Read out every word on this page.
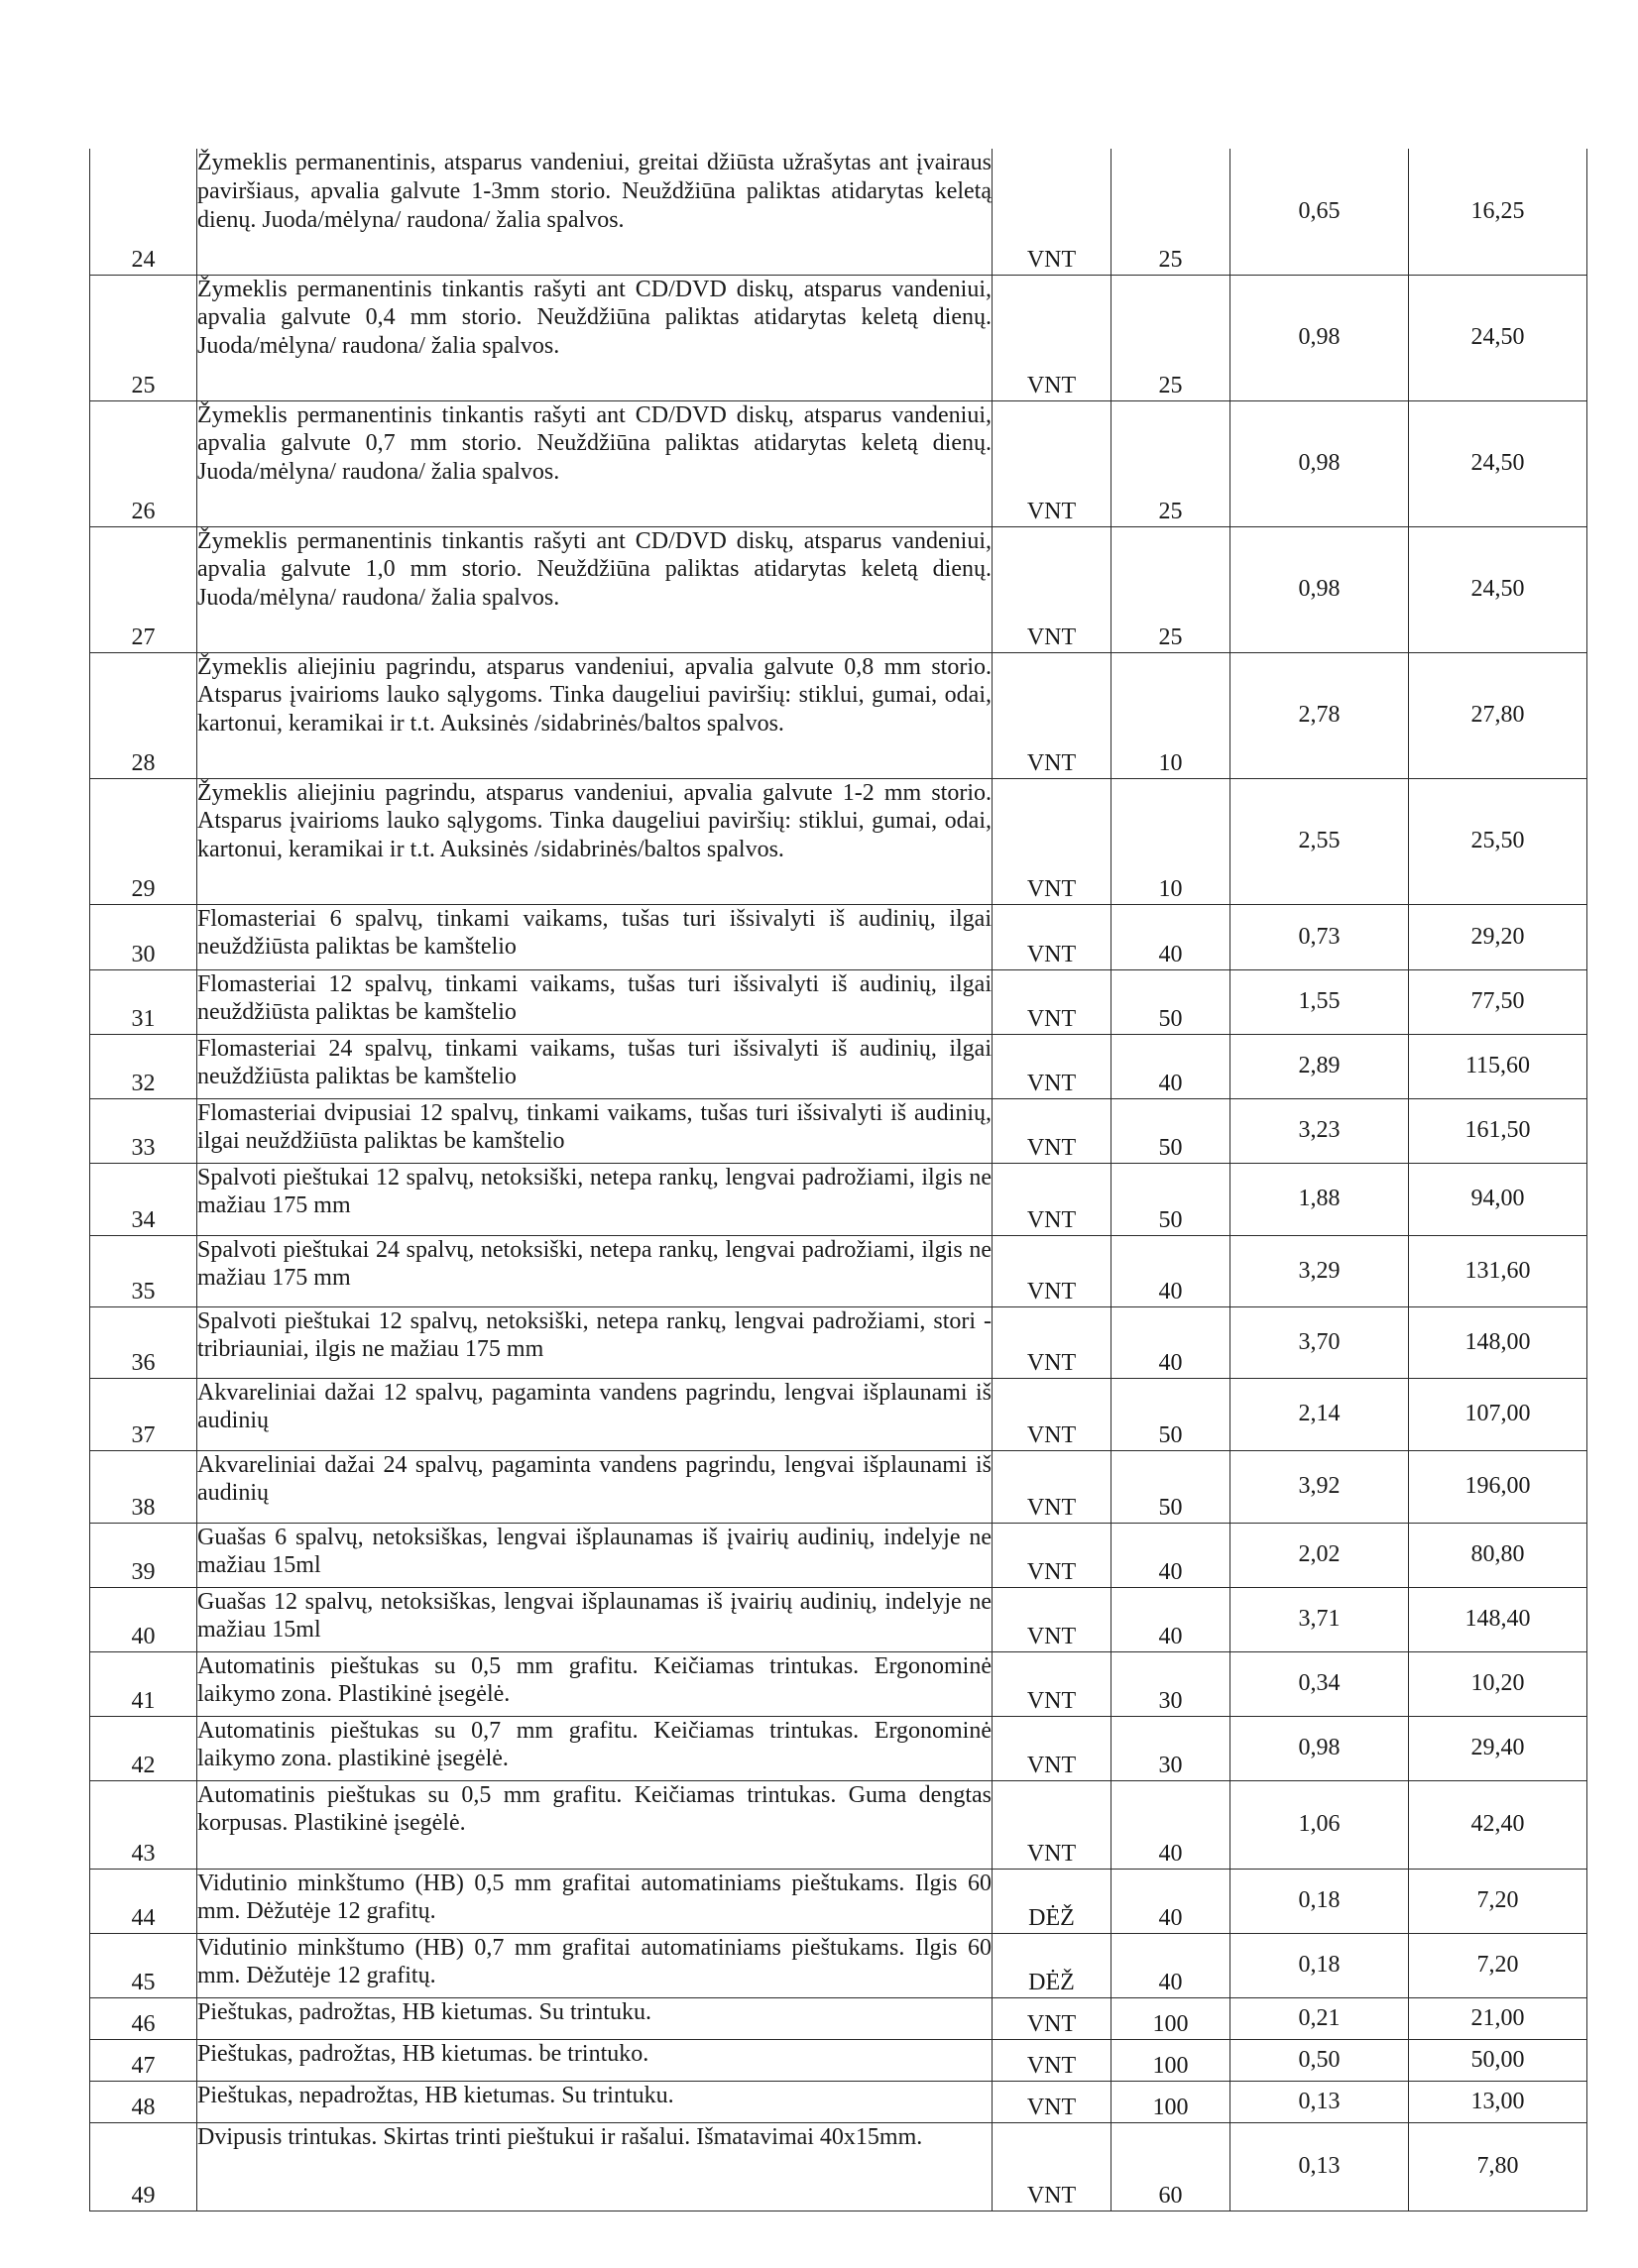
24	Žymeklis permanentinis, atsparus vandeniui, greitai džiūsta užrašytas ant įvairaus paviršiaus, apvalia galvute 1-3mm storio. Neuždžiūna paliktas atidarytas keletą dienų. Juoda/mėlyna/ raudona/ žalia spalvos.	VNT	25	0,65	16,25
25	Žymeklis permanentinis tinkantis rašyti ant CD/DVD diskų, atsparus vandeniui, apvalia galvute 0,4 mm storio. Neuždžiūna paliktas atidarytas keletą dienų. Juoda/mėlyna/ raudona/ žalia spalvos.	VNT	25	0,98	24,50
26	Žymeklis permanentinis tinkantis rašyti ant CD/DVD diskų, atsparus vandeniui, apvalia galvute 0,7 mm storio. Neuždžiūna paliktas atidarytas keletą dienų. Juoda/mėlyna/ raudona/ žalia spalvos.	VNT	25	0,98	24,50
27	Žymeklis permanentinis tinkantis rašyti ant CD/DVD diskų, atsparus vandeniui, apvalia galvute 1,0 mm storio. Neuždžiūna paliktas atidarytas keletą dienų. Juoda/mėlyna/ raudona/ žalia spalvos.	VNT	25	0,98	24,50
28	Žymeklis aliejiniu pagrindu, atsparus vandeniui, apvalia galvute 0,8 mm storio. Atsparus įvairioms lauko sąlygoms. Tinka daugeliui paviršių: stiklui, gumai, odai, kartonui, keramikai ir t.t. Auksinės /sidabrinės/baltos spalvos.	VNT	10	2,78	27,80
29	Žymeklis aliejiniu pagrindu, atsparus vandeniui, apvalia galvute 1-2 mm storio. Atsparus įvairioms lauko sąlygoms. Tinka daugeliui paviršių: stiklui, gumai, odai, kartonui, keramikai ir t.t. Auksinės /sidabrinės/baltos spalvos.	VNT	10	2,55	25,50
30	Flomasteriai 6 spalvų, tinkami vaikams, tušas turi išsivalyti iš audinių, ilgai neuždžiūsta paliktas be kamštelio	VNT	40	0,73	29,20
31	Flomasteriai 12 spalvų, tinkami vaikams, tušas turi išsivalyti iš audinių, ilgai neuždžiūsta paliktas be kamštelio	VNT	50	1,55	77,50
32	Flomasteriai 24 spalvų, tinkami vaikams, tušas turi išsivalyti iš audinių, ilgai neuždžiūsta paliktas be kamštelio	VNT	40	2,89	115,60
33	Flomasteriai dvipusiai 12 spalvų, tinkami vaikams, tušas turi išsivalyti iš audinių, ilgai neuždžiūsta paliktas be kamštelio	VNT	50	3,23	161,50
34	Spalvoti pieštukai 12 spalvų, netoksiški, netepa rankų, lengvai padrožiami, ilgis ne mažiau 175 mm	VNT	50	1,88	94,00
35	Spalvoti pieštukai 24 spalvų, netoksiški, netepa rankų, lengvai padrožiami, ilgis ne mažiau 175 mm	VNT	40	3,29	131,60
36	Spalvoti pieštukai 12 spalvų, netoksiški, netepa rankų, lengvai padrožiami, stori - tribriauniai, ilgis ne mažiau 175 mm	VNT	40	3,70	148,00
37	Akvareliniai dažai 12 spalvų, pagaminta vandens pagrindu, lengvai išplaunami iš audinių	VNT	50	2,14	107,00
38	Akvareliniai dažai 24 spalvų, pagaminta vandens pagrindu, lengvai išplaunami iš audinių	VNT	50	3,92	196,00
39	Guašas 6 spalvų, netoksiškas, lengvai išplaunamas iš įvairių audinių, indelyje ne mažiau 15ml	VNT	40	2,02	80,80
40	Guašas 12 spalvų, netoksiškas, lengvai išplaunamas iš įvairių audinių, indelyje ne mažiau 15ml	VNT	40	3,71	148,40
41	Automatinis pieštukas su 0,5 mm grafitu. Keičiamas trintukas. Ergonominė laikymo zona. Plastikinė įsegėlė.	VNT	30	0,34	10,20
42	Automatinis pieštukas su 0,7 mm grafitu. Keičiamas trintukas. Ergonominė laikymo zona. plastikinė įsegėlė.	VNT	30	0,98	29,40
43	Automatinis pieštukas su 0,5 mm grafitu. Keičiamas trintukas. Guma dengtas korpusas. Plastikinė įsegėlė.	VNT	40	1,06	42,40
44	Vidutinio minkštumo (HB) 0,5 mm grafitai automatiniams pieštukams. Ilgis 60 mm. Dėžutėje 12 grafitų.	DĖŽ	40	0,18	7,20
45	Vidutinio minkštumo (HB) 0,7 mm grafitai automatiniams pieštukams. Ilgis 60 mm. Dėžutėje 12 grafitų.	DĖŽ	40	0,18	7,20
46	Pieštukas, padrožtas, HB kietumas. Su trintuku.	VNT	100	0,21	21,00
47	Pieštukas, padrožtas, HB kietumas. be trintuko.	VNT	100	0,50	50,00
48	Pieštukas, nepadrožtas, HB kietumas. Su trintuku.	VNT	100	0,13	13,00
49	Dvipusis trintukas. Skirtas trinti pieštukui ir rašalui. Išmatavimai 40x15mm.	VNT	60	0,13	7,80
